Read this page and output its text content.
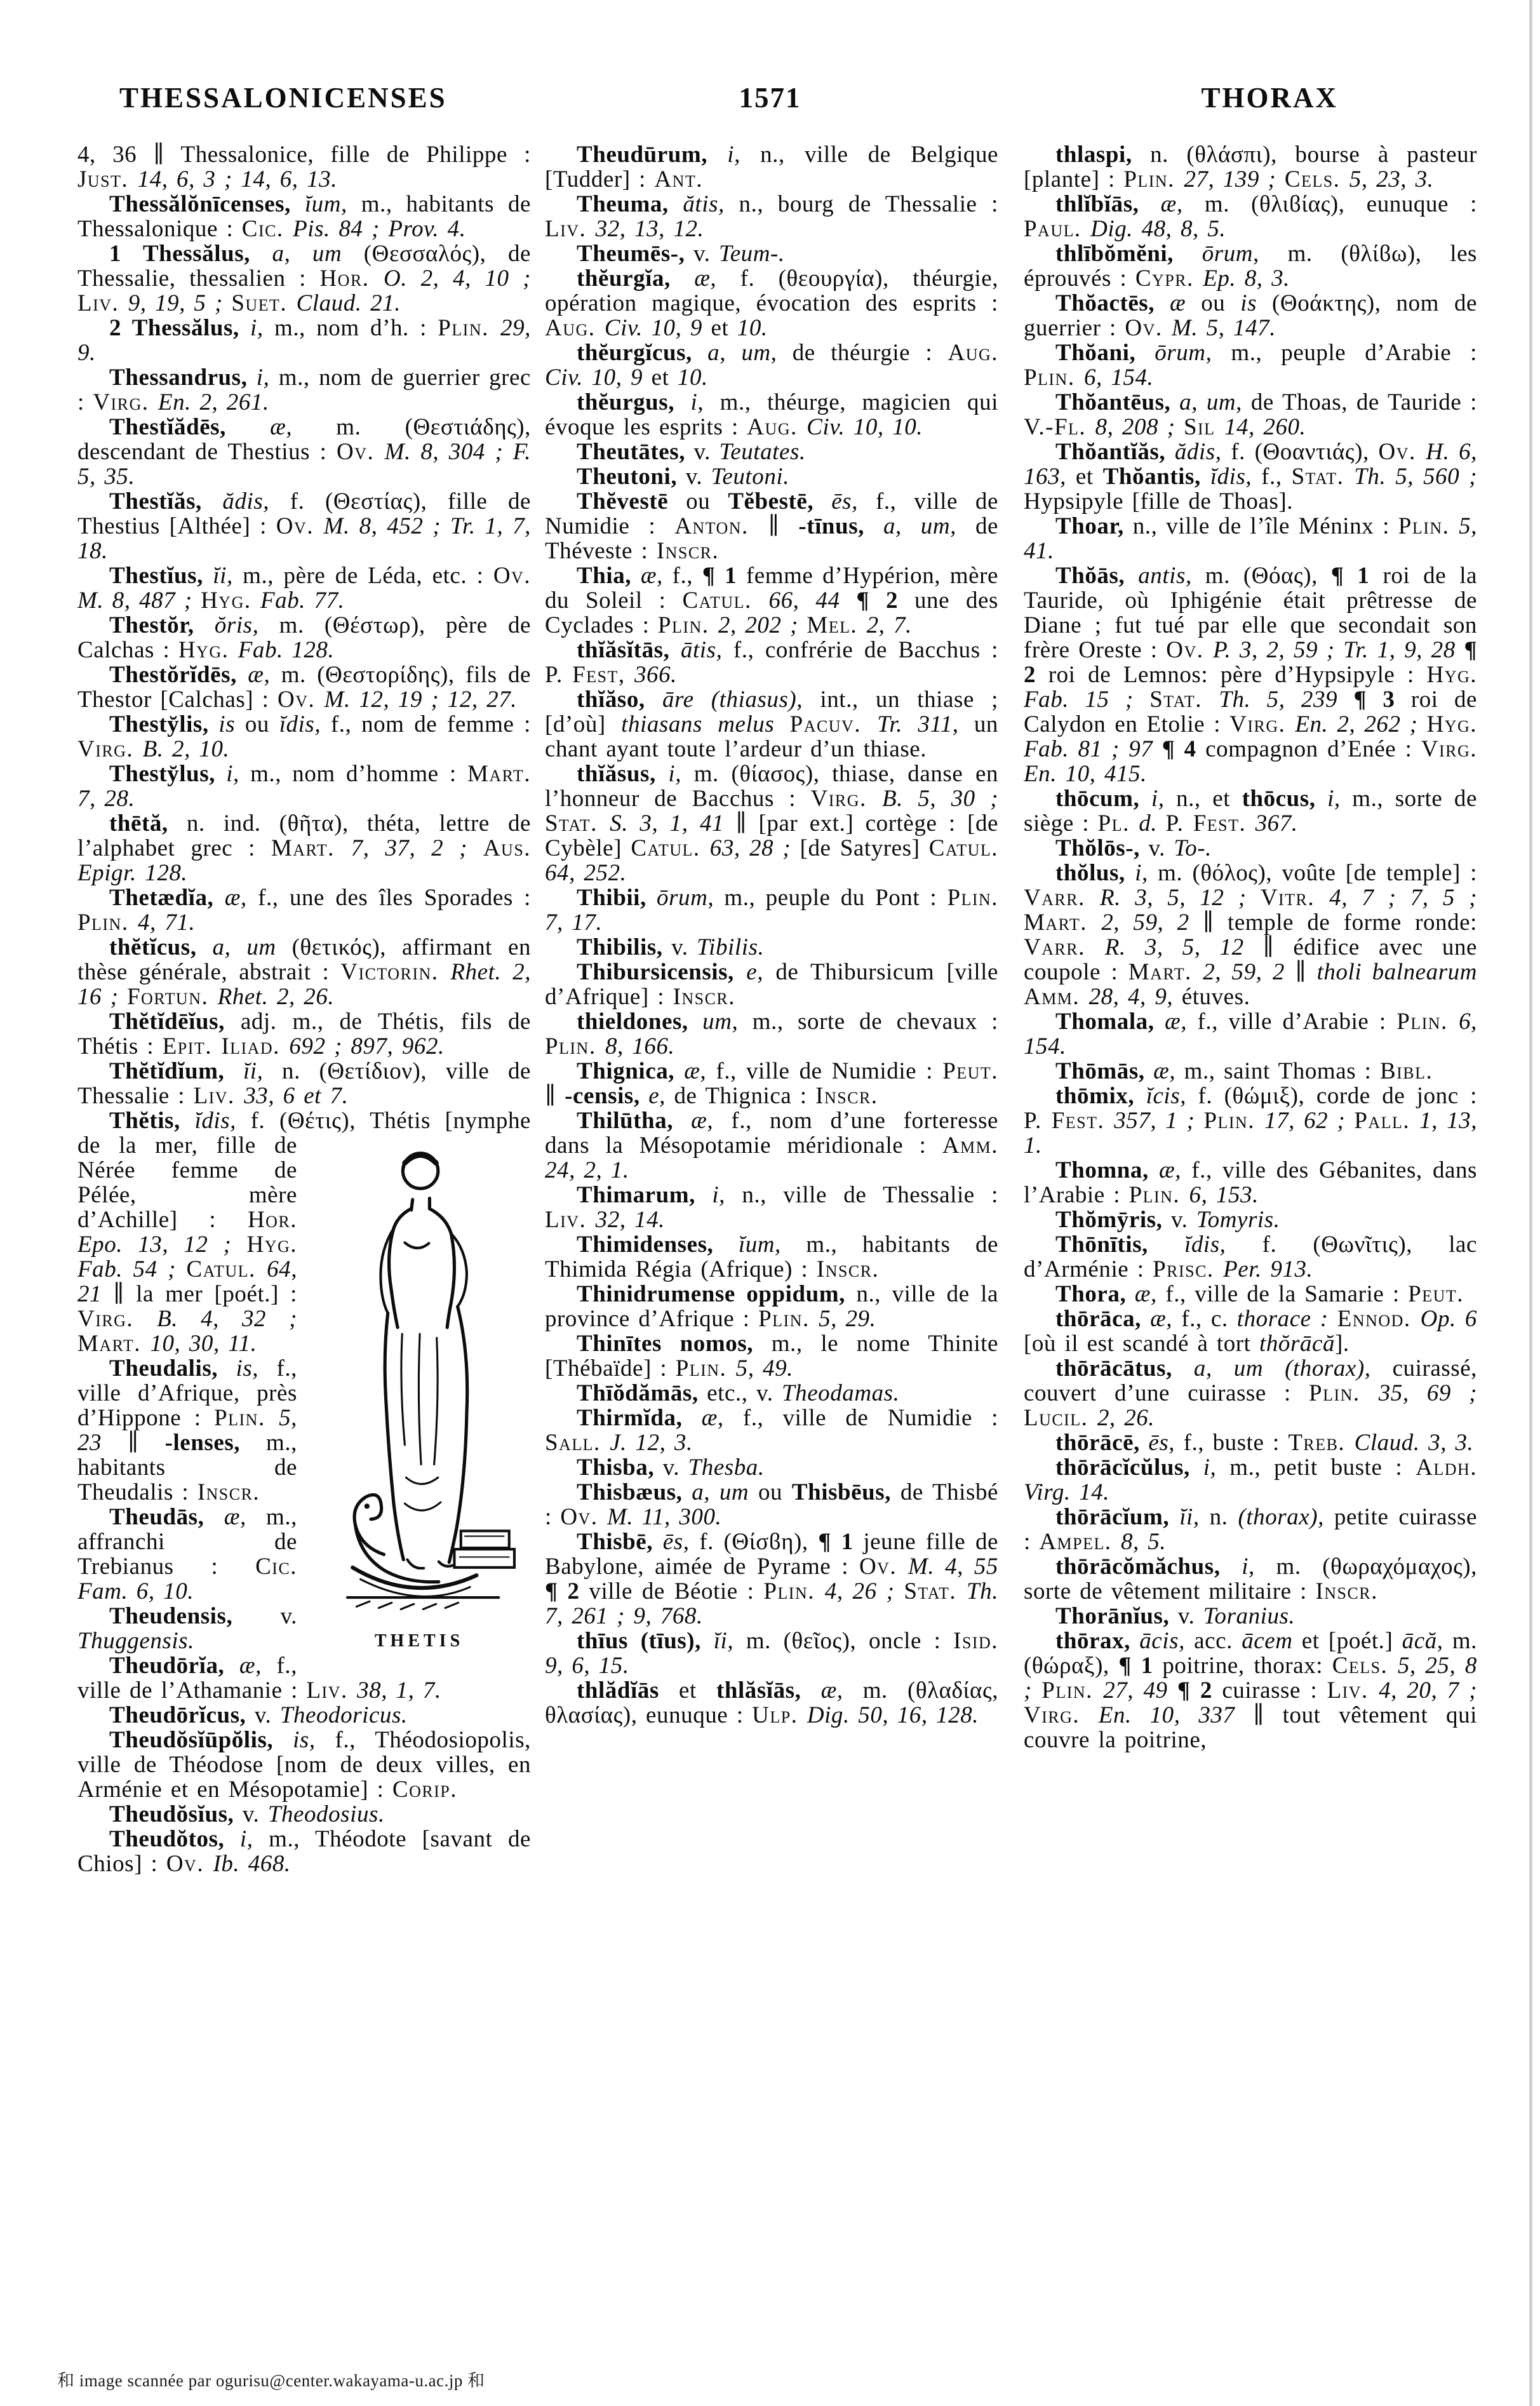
THESSALONICENSES	1571	THORAX

4, 36 ∥ Thessalonice, fille de Philippe : Just. 14, 6, 3 ; 14, 6, 13.

Thessălŏnīcenses, ĭum, m., habitants de Thessalonique : Cic. Pis. 84 ; Prov. 4.

1 Thessălus, a, um (Θεσσαλός), de Thessalie, thessalien : Hor. O. 2, 4, 10 ; Liv. 9, 19, 5 ; Suet. Claud. 21.

2 Thessălus, i, m., nom d’h. : Plin. 29, 9.

Thessandrus, i, m., nom de guerrier grec : Virg. En. 2, 261.

Thestĭădēs, æ, m. (Θεστιάδης), descendant de Thestius : Ov. M. 8, 304 ; F. 5, 35.

Thestĭăs, ădis, f. (Θεστίας), fille de Thestius [Althée] : Ov. M. 8, 452 ; Tr. 1, 7, 18.

Thestĭus, ĭi, m., père de Léda, etc. : Ov. M. 8, 487 ; Hyg. Fab. 77.

Thestŏr, ŏris, m. (Θέστωρ), père de Calchas : Hyg. Fab. 128.

Thestŏrĭdēs, æ, m. (Θεστορίδης), fils de Thestor [Calchas] : Ov. M. 12, 19 ; 12, 27.

Thesty̆lis, is ou ĭdis, f., nom de femme : Virg. B. 2, 10.

Thesty̆lus, i, m., nom d’homme : Mart. 7, 28.

thētă, n. ind. (θῆτα), théta, lettre de l’alphabet grec : Mart. 7, 37, 2 ; Aus. Epigr. 128.

Thetædĭa, æ, f., une des îles Sporades : Plin. 4, 71.

thĕtĭcus, a, um (θετικός), affirmant en thèse générale, abstrait : Victorin. Rhet. 2, 16 ; Fortun. Rhet. 2, 26.

Thĕtĭdēĭus, adj. m., de Thétis, fils de Thétis : Epit. Iliad. 692 ; 897, 962.

Thĕtĭdĭum, ĭi, n. (Θετίδιον), ville de Thessalie : Liv. 33, 6 et 7.

Thĕtis, ĭdis, f. (Θέτις), Thétis [nymphe de la mer, fille de
THETIS
Nérée femme de Pélée, mère d’Achille] : Hor. Epo. 13, 12 ; Hyg. Fab. 54 ; Catul. 64, 21 ∥ la mer [poét.] : Virg. B. 4, 32 ; Mart. 10, 30, 11.

Theudalis, is, f., ville d’Afrique, près d’Hippone : Plin. 5, 23 ∥ -lenses, m., habitants de Theudalis : Inscr.

Theudās, æ, m., affranchi de Trebianus : Cic. Fam. 6, 10.

Theudensis, v. Thuggensis.

Theudōrĭa, æ, f., ville de l’Athamanie : Liv. 38, 1, 7.

Theudōrĭcus, v. Theodoricus.

Theudŏsĭūpŏlis, is, f., Théodosiopolis, ville de Théodose [nom de deux villes, en Arménie et en Mésopotamie] : Corip.

Theudŏsĭus, v. Theodosius.

Theudŏtos, i, m., Théodote [savant de Chios] : Ov. Ib. 468.

Theudūrum, i, n., ville de Belgique [Tudder] : Ant.

Theuma, ătis, n., bourg de Thessalie : Liv. 32, 13, 12.

Theumēs-, v. Teum-.

thĕurgĭa, æ, f. (θεουργία), théurgie, opération magique, évocation des esprits : Aug. Civ. 10, 9 et 10.

thĕurgĭcus, a, um, de théurgie : Aug. Civ. 10, 9 et 10.

thĕurgus, i, m., théurge, magicien qui évoque les esprits : Aug. Civ. 10, 10.

Theutātes, v. Teutates.

Theutoni, v. Teutoni.

Thĕvestē ou Tĕbestē, ēs, f., ville de Numidie : Anton. ∥ -tīnus, a, um, de Théveste : Inscr.

Thia, æ, f., ¶ 1 femme d’Hypérion, mère du Soleil : Catul. 66, 44 ¶ 2 une des Cyclades : Plin. 2, 202 ; Mel. 2, 7.

thĭăsĭtās, ātis, f., confrérie de Bacchus : P. Fest, 366.

thĭăso, āre (thiasus), int., un thiase ; [d’où] thiasans melus Pacuv. Tr. 311, un chant ayant toute l’ardeur d’un thiase.

thĭăsus, i, m. (θίασος), thiase, danse en l’honneur de Bacchus : Virg. B. 5, 30 ; Stat. S. 3, 1, 41 ∥ [par ext.] cortège : [de Cybèle] Catul. 63, 28 ; [de Satyres] Catul. 64, 252.

Thibii, ōrum, m., peuple du Pont : Plin. 7, 17.

Thibilis, v. Tibilis.

Thibursicensis, e, de Thibursicum [ville d’Afrique] : Inscr.

thieldones, um, m., sorte de chevaux : Plin. 8, 166.

Thignica, æ, f., ville de Numidie : Peut. ∥ -censis, e, de Thignica : Inscr.

Thilūtha, æ, f., nom d’une forteresse dans la Mésopotamie méridionale : Amm. 24, 2, 1.

Thimarum, i, n., ville de Thessalie : Liv. 32, 14.

Thimidenses, ĭum, m., habitants de Thimida Régia (Afrique) : Inscr.

Thinidrumense oppidum, n., ville de la province d’Afrique : Plin. 5, 29.

Thinītes nomos, m., le nome Thinite [Thébaïde] : Plin. 5, 49.

Thīŏdămās, etc., v. Theodamas.

Thirmĭda, æ, f., ville de Numidie : Sall. J. 12, 3.

Thisba, v. Thesba.

Thisbæus, a, um ou Thisbēus, de Thisbé : Ov. M. 11, 300.

Thisbē, ēs, f. (Θίσϐη), ¶ 1 jeune fille de Babylone, aimée de Pyrame : Ov. M. 4, 55 ¶ 2 ville de Béotie : Plin. 4, 26 ; Stat. Th. 7, 261 ; 9, 768.

thīus (tīus), ĭi, m. (θεῖος), oncle : Isid. 9, 6, 15.

thlădĭās et thlăsĭās, æ, m. (θλαδίας, θλασίας), eunuque : Ulp. Dig. 50, 16, 128.

thlaspi, n. (θλάσπι), bourse à pasteur [plante] : Plin. 27, 139 ; Cels. 5, 23, 3.

thlĭbĭās, æ, m. (θλιϐίας), eunuque : Paul. Dig. 48, 8, 5.

thlībŏmĕni, ōrum, m. (θλίϐω), les éprouvés : Cypr. Ep. 8, 3.

Thŏactēs, æ ou is (Θοάκτης), nom de guerrier : Ov. M. 5, 147.

Thŏani, ōrum, m., peuple d’Arabie : Plin. 6, 154.

Thŏantēus, a, um, de Thoas, de Tauride : V.-Fl. 8, 208 ; Sil 14, 260.

Thŏantĭăs, ădis, f. (Θοαντιάς), Ov. H. 6, 163, et Thŏantis, ĭdis, f., Stat. Th. 5, 560 ; Hypsipyle [fille de Thoas].

Thoar, n., ville de l’île Méninx : Plin. 5, 41.

Thŏās, antis, m. (Θόας), ¶ 1 roi de la Tauride, où Iphigénie était prêtresse de Diane ; fut tué par elle que secondait son frère Oreste : Ov. P. 3, 2, 59 ; Tr. 1, 9, 28 ¶ 2 roi de Lemnos: père d’Hypsipyle : Hyg. Fab. 15 ; Stat. Th. 5, 239 ¶ 3 roi de Calydon en Etolie : Virg. En. 2, 262 ; Hyg. Fab. 81 ; 97 ¶ 4 compagnon d’Enée : Virg. En. 10, 415.

thōcum, i, n., et thōcus, i, m., sorte de siège : Pl. d. P. Fest. 367.

Thŏlōs-, v. To-.

thŏlus, i, m. (θόλος), voûte [de temple] : Varr. R. 3, 5, 12 ; Vitr. 4, 7 ; 7, 5 ; Mart. 2, 59, 2 ∥ temple de forme ronde: Varr. R. 3, 5, 12 ∥ édifice avec une coupole : Mart. 2, 59, 2 ∥ tholi balnearum Amm. 28, 4, 9, étuves.

Thomala, æ, f., ville d’Arabie : Plin. 6, 154.

Thōmās, æ, m., saint Thomas : Bibl.

thōmix, ĭcis, f. (θώμιξ), corde de jonc : P. Fest. 357, 1 ; Plin. 17, 62 ; Pall. 1, 13, 1.

Thomna, æ, f., ville des Gébanites, dans l’Arabie : Plin. 6, 153.

Thŏmȳris, v. Tomyris.

Thōnītis, ĭdis, f. (Θωνῖτις), lac d’Arménie : Prisc. Per. 913.

Thora, æ, f., ville de la Samarie : Peut.

thōrāca, æ, f., c. thorace : Ennod. Op. 6 [où il est scandé à tort thŏrācă].

thōrācātus, a, um (thorax), cuirassé, couvert d’une cuirasse : Plin. 35, 69 ; Lucil. 2, 26.

thōrācē, ēs, f., buste : Treb. Claud. 3, 3.

thōrācĭcŭlus, i, m., petit buste : Aldh. Virg. 14.

thōrācĭum, ĭi, n. (thorax), petite cuirasse : Ampel. 8, 5.

thōrācŏmăchus, i, m. (θωραχόμαχος), sorte de vêtement militaire : Inscr.

Thorānĭus, v. Toranius.

thōrax, ācis, acc. ācem et [poét.] ācă, m. (θώραξ), ¶ 1 poitrine, thorax: Cels. 5, 25, 8 ; Plin. 27, 49 ¶ 2 cuirasse : Liv. 4, 20, 7 ; Virg. En. 10, 337 ∥ tout vêtement qui couvre la poitrine,

和 image scannée par ogurisu@center.wakayama-u.ac.jp 和
